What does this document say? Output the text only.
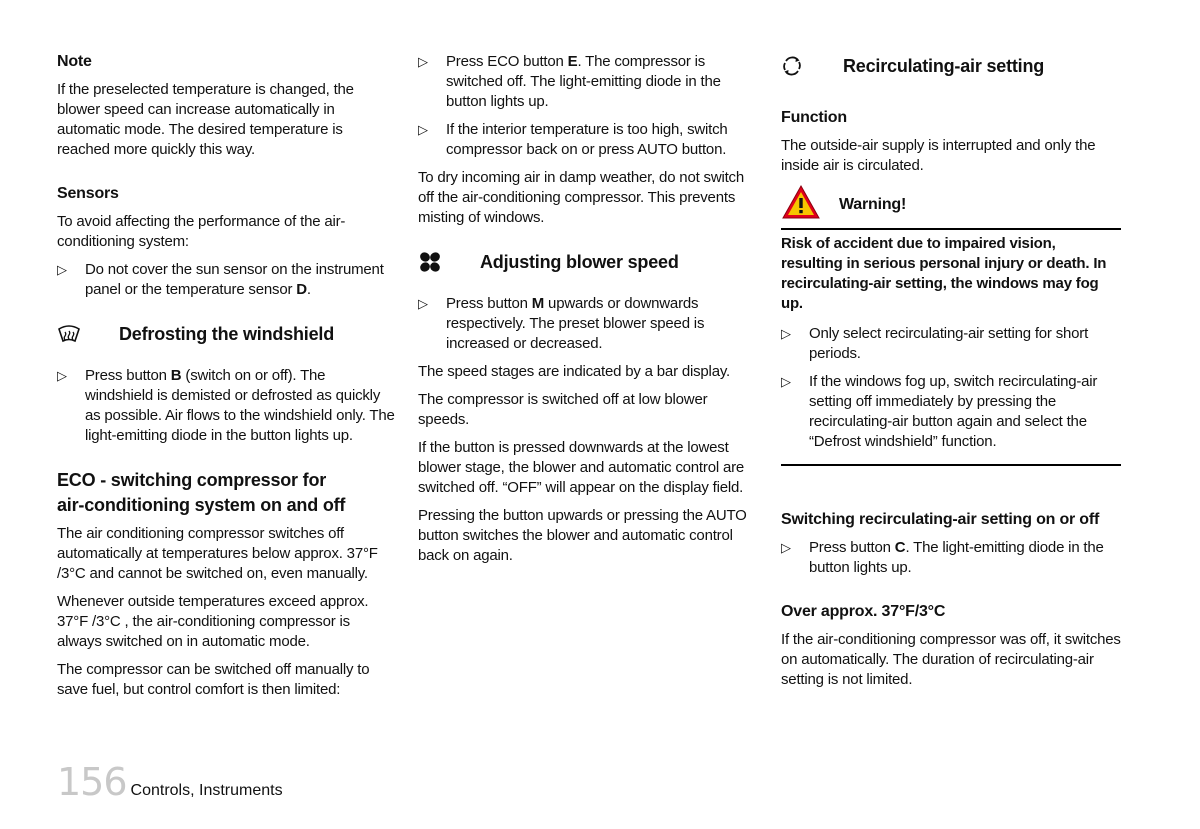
Note

If the preselected temperature is changed, the blower speed can increase automatically in automatic mode. The desired temperature is reached more quickly this way.

Sensors

To avoid affecting the performance of the air-conditioning system:

▷ Do not cover the sun sensor on the instrument panel or the temperature sensor D.
Defrosting the windshield
▷ Press button B (switch on or off). The windshield is demisted or defrosted as quickly as possible. Air flows to the windshield only. The light-emitting diode in the button lights up.
ECO - switching compressor for
air-conditioning system on and off

The air conditioning compressor switches off automatically at temperatures below approx. 37°F /3°C and cannot be switched on, even manually.

Whenever outside temperatures exceed approx. 37°F /3°C , the air-conditioning compressor is always switched on in automatic mode.

The compressor can be switched off manually to save fuel, but control comfort is then limited:

▷ Press ECO button E. The compressor is switched off. The light-emitting diode in the button lights up.
▷ If the interior temperature is too high, switch compressor back on or press AUTO button.

To dry incoming air in damp weather, do not switch off the air-conditioning compressor. This prevents misting of windows.

Adjusting blower speed
▷ Press button M upwards or downwards respectively. The preset blower speed is increased or decreased.

The speed stages are indicated by a bar display.

The compressor is switched off at low blower speeds.

If the button is pressed downwards at the lowest blower stage, the blower and automatic control are switched off. “OFF” will appear on the display field.

Pressing the button upwards or pressing the AUTO button switches the blower and automatic control back on again.

Recirculating-air setting
Function

The outside-air supply is interrupted and only the inside air is circulated.

Warning!

Risk of accident due to impaired vision, resulting in serious personal injury or death. In recirculating-air setting, the windows may fog up.

▷ Only select recirculating-air setting for short periods.
▷ If the windows fog up, switch recirculating-air setting off immediately by pressing the recirculating-air button again and select the “Defrost windshield” function.
Switching recirculating-air setting on or off
▷ Press button C. The light-emitting diode in the button lights up.
Over approx. 37°F/3°C

If the air-conditioning compressor was off, it switches on automatically. The duration of recirculating-air setting is not limited.

156 Controls, Instruments
